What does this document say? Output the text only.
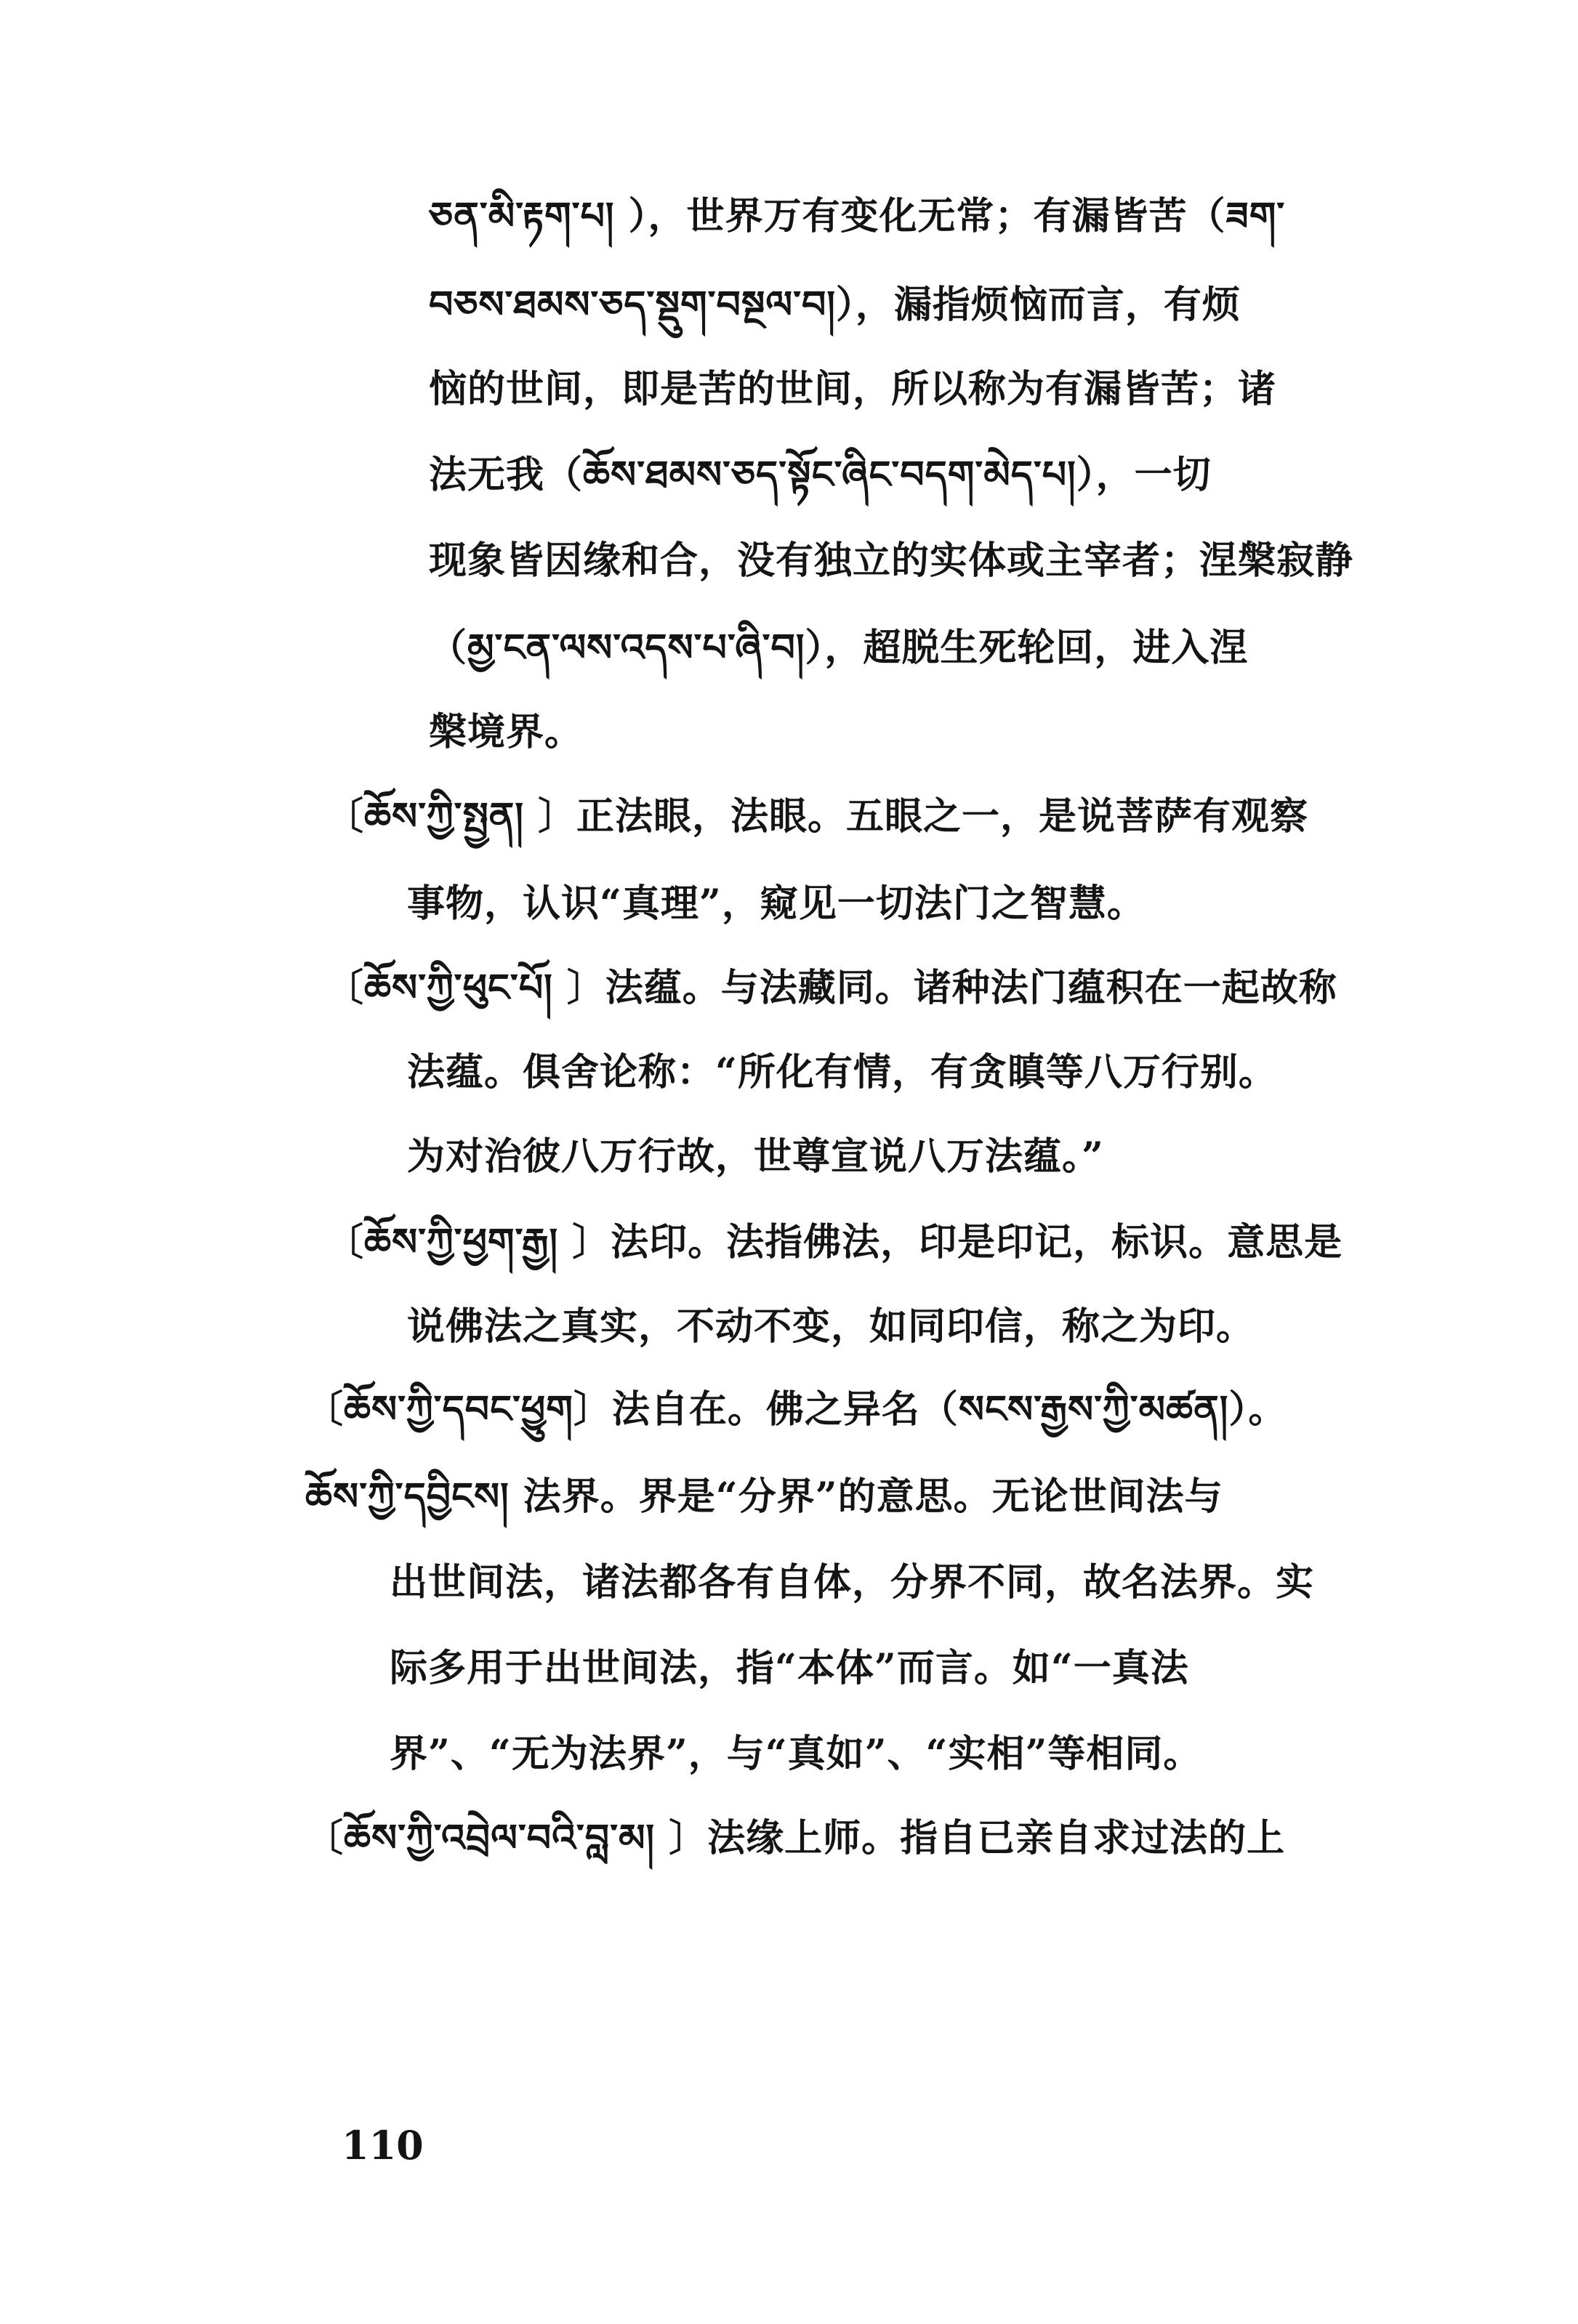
ཅན་མི་རྟག་པ། ），世界万有变化无常；有漏皆苦（ཟག་
བཅས་ཐམས་ཅད་སྡུག་བསྔལ་བ།），漏指烦恼而言，有烦
恼的世间，即是苦的世间，所以称为有漏皆苦；诸
法无我（ཆོས་ཐམས་ཅད་སྟོང་ཞིང་བདག་མེད་པ།），一切
现象皆因缘和合，没有独立的实体或主宰者；涅槃寂静
（མྱ་ངན་ལས་འདས་པ་ཞི་བ།），超脱生死轮回，进入涅
槃境界。
〔ཆོས་ཀྱི་སྤྱན། 〕正法眼，法眼。五眼之一，是说菩萨有观察
事物，认识“真理”，窥见一切法门之智慧。
〔ཆོས་ཀྱི་ཕུང་པོ། 〕法蕴。与法藏同。诸种法门蕴积在一起故称
法蕴。俱舍论称：“所化有情，有贪瞋等八万行别。
为对治彼八万行故，世尊宣说八万法蕴。”
〔ཆོས་ཀྱི་ཕྱག་རྒྱ། 〕法印。法指佛法，印是印记，标识。意思是
说佛法之真实，不动不变，如同印信，称之为印。
〔ཆོས་ཀྱི་དབང་ཕྱུག〕法自在。佛之异名（སངས་རྒྱས་ཀྱི་མཚན།）。
ཆོས་ཀྱི་དབྱིངས། 法界。界是“分界”的意思。无论世间法与
出世间法，诸法都各有自体，分界不同，故名法界。实
际多用于出世间法，指“本体”而言。如“一真法
界”、“无为法界”，与“真如”、“实相”等相同。
〔ཆོས་ཀྱི་འབྲེལ་བའི་བླ་མ། 〕法缘上师。指自已亲自求过法的上
110
